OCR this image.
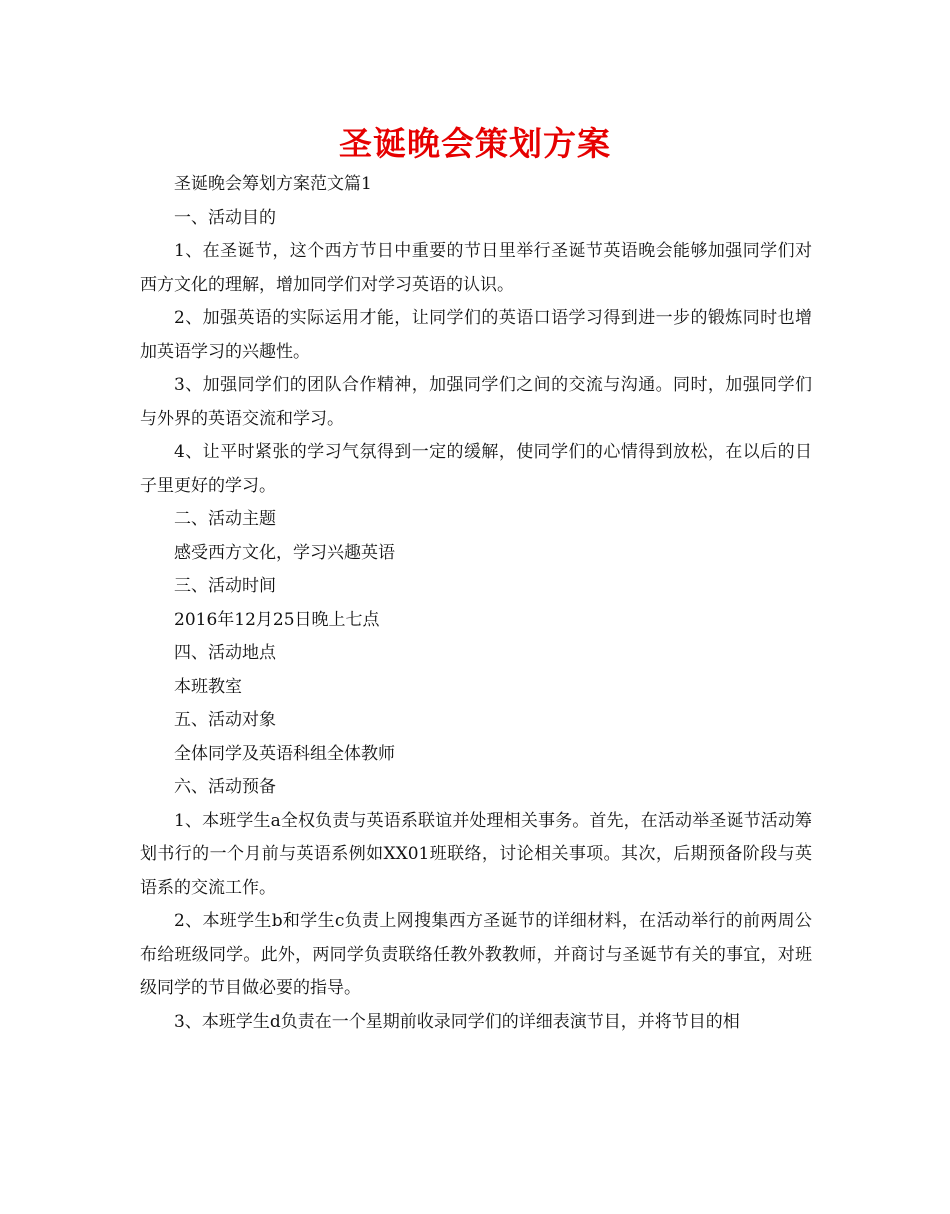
圣诞晚会策划方案

圣诞晚会筹划方案范文篇1

一、活动目的

1、在圣诞节，这个西方节日中重要的节日里举行圣诞节英语晚会能够加强同学们对西方文化的理解，增加同学们对学习英语的认识。

2、加强英语的实际运用才能，让同学们的英语口语学习得到进一步的锻炼同时也增加英语学习的兴趣性。

3、加强同学们的团队合作精神，加强同学们之间的交流与沟通。同时，加强同学们与外界的英语交流和学习。

4、让平时紧张的学习气氛得到一定的缓解，使同学们的心情得到放松，在以后的日子里更好的学习。

二、活动主题

感受西方文化，学习兴趣英语

三、活动时间

2016年12月25日晚上七点

四、活动地点

本班教室

五、活动对象

全体同学及英语科组全体教师

六、活动预备

1、本班学生a全权负责与英语系联谊并处理相关事务。首先，在活动举圣诞节活动筹划书行的一个月前与英语系例如XX01班联络，讨论相关事项。其次，后期预备阶段与英语系的交流工作。

2、本班学生b和学生c负责上网搜集西方圣诞节的详细材料，在活动举行的前两周公布给班级同学。此外，两同学负责联络任教外教教师，并商讨与圣诞节有关的事宜，对班级同学的节目做必要的指导。

3、本班学生d负责在一个星期前收录同学们的详细表演节目，并将节目的相
